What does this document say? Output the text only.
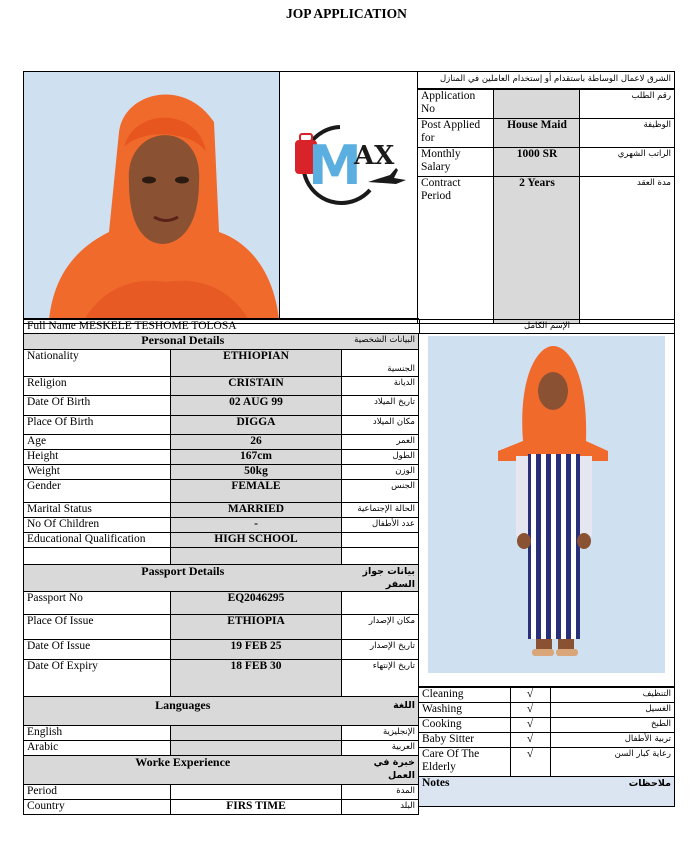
JOP APPLICATION
M
AX

الشرق لاعمال الوساطة باستقدام أو إستخدام العاملين في المنازل
Application No		رقم الطلب
Post Applied for	House Maid	الوظيفة
Monthly Salary	1000 SR	الراتب الشهري
Contract Period	2 Years	مدة العقد
Full Name MESKELE TESHOME TOLOSA	الإسم الكامل
Personal Details		البيانات الشخصية
Nationality	ETHIOPIAN	الجنسية
Religion	CRISTAIN	الديانة
Date Of Birth	02 AUG 99	تاريخ الميلاد
Place Of Birth	DIGGA	مكان الميلاد
Age	26	العمر
Height	167cm	الطول
Weight	50kg	الوزن
Gender	FEMALE	الجنس
Marital Status	MARRIED	الحالة الإجتماعية
No Of Children	-	عدد الأطفال
Educational Qualification	HIGH SCHOOL	

Passport Details		بيانات جواز السفر
Passport No	EQ2046295	
Place Of Issue	ETHIOPIA	مكان الإصدار
Date Of Issue	19 FEB 25	تاريخ الإصدار
Date Of Expiry	18 FEB 30	تاريخ الإنتهاء
Languages		اللغة
English		الإنجليزية
Arabic		العربية
Worke Experience		خبرة في العمل
Period		المدة
Country	FIRS TIME	البلد
Cleaning	√	التنظيف
Washing	√	الغسيل
Cooking	√	الطبخ
Baby Sitter	√	تربية الأطفال
Care Of The Elderly	√	رعاية كبار السن
Notes		ملاحظات
